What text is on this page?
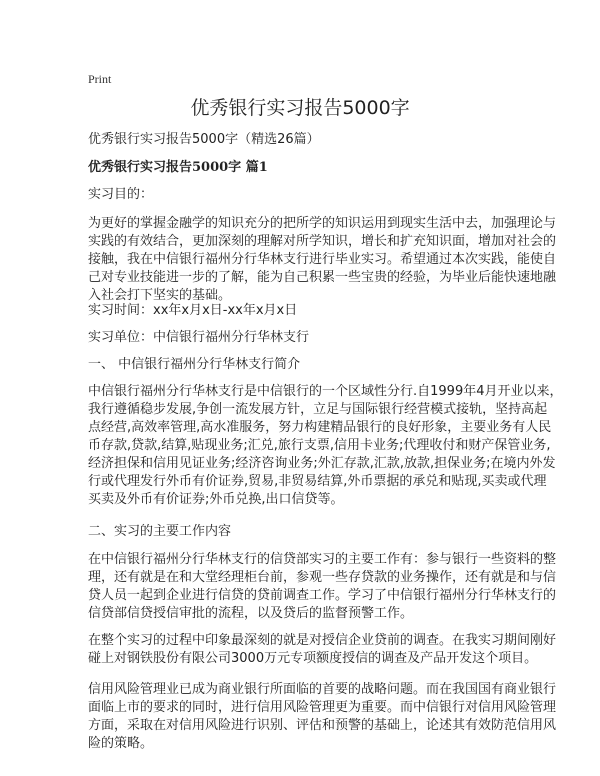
Print
优秀银行实习报告5000字
优秀银行实习报告5000字（精选26篇）
优秀银行实习报告5000字 篇1
实习目的：
为更好的掌握金融学的知识充分的把所学的知识运用到现实生活中去，加强理论与
实践的有效结合，更加深刻的理解对所学知识，增长和扩充知识面，增加对社会的
接触，我在中信银行福州分行华林支行进行毕业实习。希望通过本次实践，能使自
己对专业技能进一步的了解，能为自己积累一些宝贵的经验，为毕业后能快速地融
入社会打下坚实的基础。
实习时间：xx年x月x日-xx年x月x日
实习单位：中信银行福州分行华林支行
一、 中信银行福州分行华林支行简介
中信银行福州分行华林支行是中信银行的一个区域性分行.自1999年4月开业以来，
我行遵循稳步发展,争创一流发展方针，立足与国际银行经营模式接轨，坚持高起
点经营,高效率管理,高水准服务，努力构建精品银行的良好形象，主要业务有人民
币存款,贷款,结算,贴现业务;汇兑,旅行支票,信用卡业务;代理收付和财产保管业务,
经济担保和信用见证业务;经济咨询业务;外汇存款,汇款,放款,担保业务;在境内外发
行或代理发行外币有价证券,贸易,非贸易结算,外币票据的承兑和贴现,买卖或代理
买卖及外币有价证券;外币兑换,出口信贷等。
二、实习的主要工作内容
在中信银行福州分行华林支行的信贷部实习的主要工作有：参与银行一些资料的整
理，还有就是在和大堂经理柜台前，参观一些存贷款的业务操作，还有就是和与信
贷人员一起到企业进行信贷的贷前调查工作。学习了中信银行福州分行华林支行的
信贷部信贷授信审批的流程，以及贷后的监督预警工作。
在整个实习的过程中印象最深刻的就是对授信企业贷前的调查。在我实习期间刚好
碰上对钢铁股份有限公司3000万元专项额度授信的调查及产品开发这个项目。
信用风险管理业已成为商业银行所面临的首要的战略问题。而在我国国有商业银行
面临上市的要求的同时，进行信用风险管理更为重要。而中信银行对信用风险管理
方面，采取在对信用风险进行识别、评估和预警的基础上，论述其有效防范信用风
险的策略。
